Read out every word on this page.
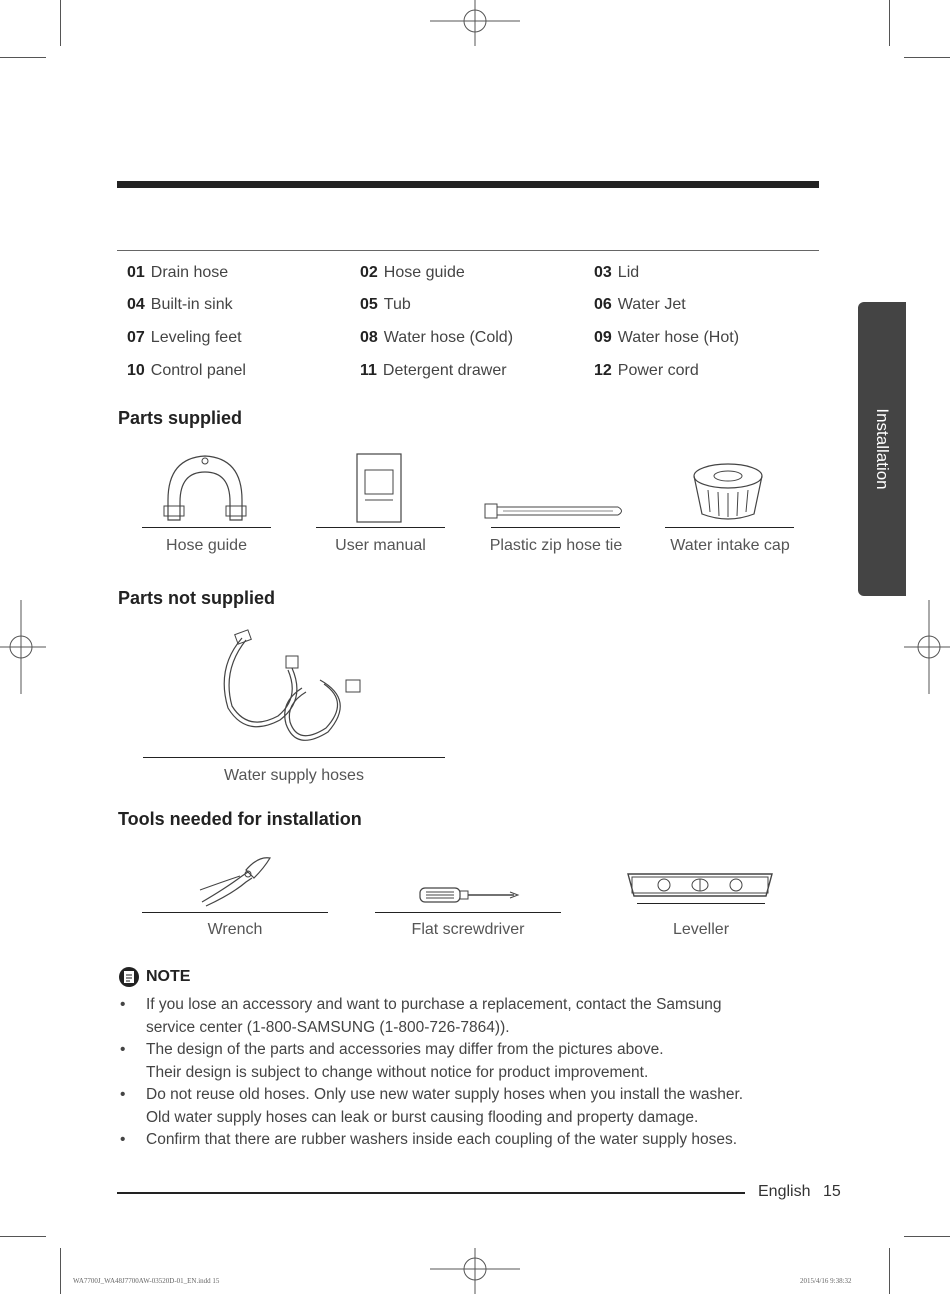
01 Drain hose	02 Hose guide	03 Lid
04 Built-in sink	05 Tub	06 Water Jet
07 Leveling feet	08 Water hose (Cold)	09 Water hose (Hot)
10 Control panel	11 Detergent drawer	12 Power cord
Parts supplied
Hose guide	User manual	Plastic zip hose tie	Water intake cap
Installation
Parts not supplied
Water supply hoses
Tools needed for installation
Wrench	Flat screwdriver	Leveller
NOTE
• If you lose an accessory and want to purchase a replacement, contact the Samsung
service center (1-800-SAMSUNG (1-800-726-7864)).
• The design of the parts and accessories may differ from the pictures above.
Their design is subject to change without notice for product improvement.
• Do not reuse old hoses. Only use new water supply hoses when you install the washer.
Old water supply hoses can leak or burst causing flooding and property damage.
• Confirm that there are rubber washers inside each coupling of the water supply hoses.
English 15
WA7700J_WA48J7700AW-03520D-01_EN.indd 15	2015/4/16 9:38:32
